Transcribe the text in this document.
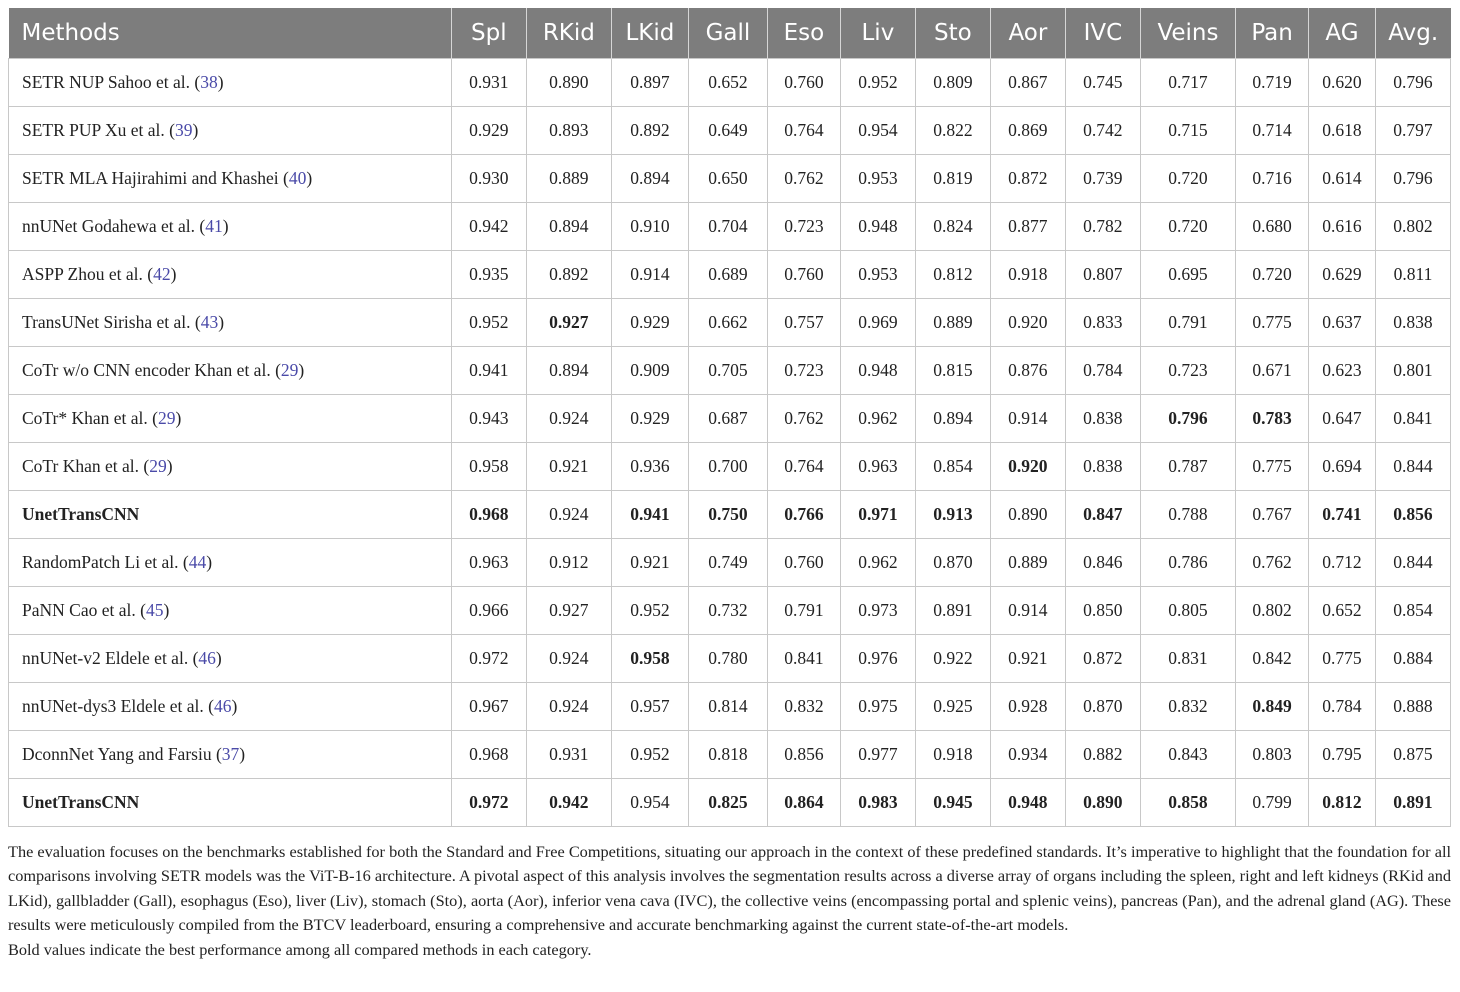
Methods	Spl	RKid	LKid	Gall	Eso	Liv	Sto	Aor	IVC	Veins	Pan	AG	Avg.
SETR NUP Sahoo et al. (38)	0.931	0.890	0.897	0.652	0.760	0.952	0.809	0.867	0.745	0.717	0.719	0.620	0.796
SETR PUP Xu et al. (39)	0.929	0.893	0.892	0.649	0.764	0.954	0.822	0.869	0.742	0.715	0.714	0.618	0.797
SETR MLA Hajirahimi and Khashei (40)	0.930	0.889	0.894	0.650	0.762	0.953	0.819	0.872	0.739	0.720	0.716	0.614	0.796
nnUNet Godahewa et al. (41)	0.942	0.894	0.910	0.704	0.723	0.948	0.824	0.877	0.782	0.720	0.680	0.616	0.802
ASPP Zhou et al. (42)	0.935	0.892	0.914	0.689	0.760	0.953	0.812	0.918	0.807	0.695	0.720	0.629	0.811
TransUNet Sirisha et al. (43)	0.952	0.927	0.929	0.662	0.757	0.969	0.889	0.920	0.833	0.791	0.775	0.637	0.838
CoTr w/o CNN encoder Khan et al. (29)	0.941	0.894	0.909	0.705	0.723	0.948	0.815	0.876	0.784	0.723	0.671	0.623	0.801
CoTr* Khan et al. (29)	0.943	0.924	0.929	0.687	0.762	0.962	0.894	0.914	0.838	0.796	0.783	0.647	0.841
CoTr Khan et al. (29)	0.958	0.921	0.936	0.700	0.764	0.963	0.854	0.920	0.838	0.787	0.775	0.694	0.844
UnetTransCNN	0.968	0.924	0.941	0.750	0.766	0.971	0.913	0.890	0.847	0.788	0.767	0.741	0.856
RandomPatch Li et al. (44)	0.963	0.912	0.921	0.749	0.760	0.962	0.870	0.889	0.846	0.786	0.762	0.712	0.844
PaNN Cao et al. (45)	0.966	0.927	0.952	0.732	0.791	0.973	0.891	0.914	0.850	0.805	0.802	0.652	0.854
nnUNet-v2 Eldele et al. (46)	0.972	0.924	0.958	0.780	0.841	0.976	0.922	0.921	0.872	0.831	0.842	0.775	0.884
nnUNet-dys3 Eldele et al. (46)	0.967	0.924	0.957	0.814	0.832	0.975	0.925	0.928	0.870	0.832	0.849	0.784	0.888
DconnNet Yang and Farsiu (37)	0.968	0.931	0.952	0.818	0.856	0.977	0.918	0.934	0.882	0.843	0.803	0.795	0.875
UnetTransCNN	0.972	0.942	0.954	0.825	0.864	0.983	0.945	0.948	0.890	0.858	0.799	0.812	0.891

The evaluation focuses on the benchmarks established for both the Standard and Free Competitions, situating our approach in the context of these predefined standards. It’s imperative to highlight that the foundation for all comparisons involving SETR models was the ViT-B-16 architecture. A pivotal aspect of this analysis involves the segmentation results across a diverse array of organs including the spleen, right and left kidneys (RKid and LKid), gallbladder (Gall), esophagus (Eso), liver (Liv), stomach (Sto), aorta (Aor), inferior vena cava (IVC), the collective veins (encompassing portal and splenic veins), pancreas (Pan), and the adrenal gland (AG). These results were meticulously compiled from the BTCV leaderboard, ensuring a comprehensive and accurate benchmarking against the current state-of-the-art models.

Bold values indicate the best performance among all compared methods in each category.
